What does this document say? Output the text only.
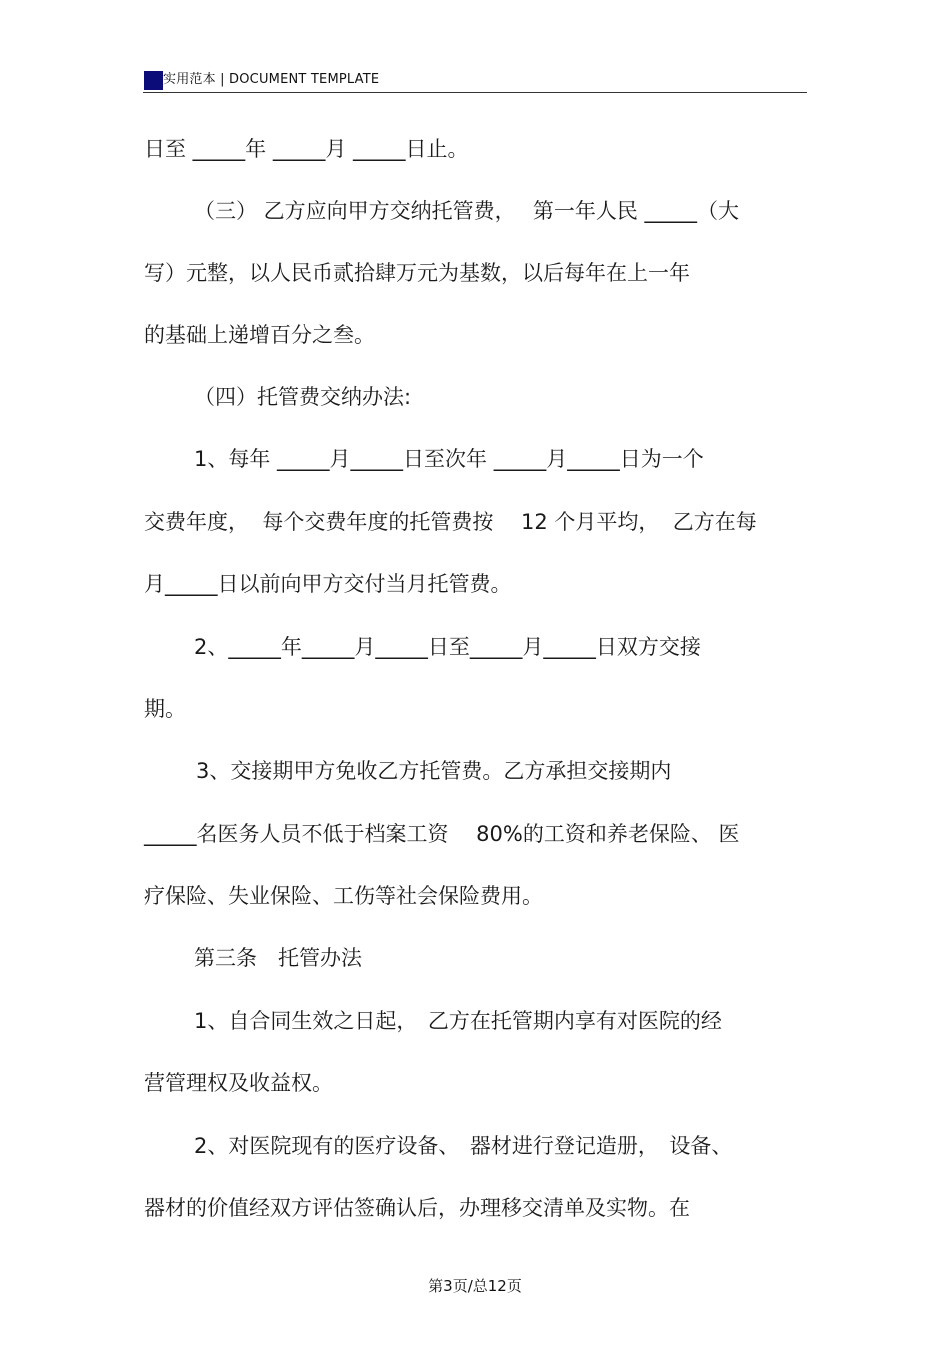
实用范本 | DOCUMENT TEMPLATE
日至 _____年 _____月 _____日止。
（三） 乙方应向甲方交纳托管费，　 第一年人民 _____（大
写）元整，以人民币贰拾肆万元为基数，以后每年在上一年
的基础上递增百分之叁。
（四）托管费交纳办法:
1、每年 _____月_____日至次年 _____月_____日为一个
交费年度，  每个交费年度的托管费按　 12 个月平均，  乙方在每
月_____日以前向甲方交付当月托管费。
2、_____年_____月_____日至_____月_____日双方交接
期。
3、交接期甲方免收乙方托管费。乙方承担交接期内
_____名医务人员不低于档案工资　 80%的工资和养老保险、 医
疗保险、失业保险、工伤等社会保险费用。
第三条　托管办法
1、自合同生效之日起，　乙方在托管期内享有对医院的经
营管理权及收益权。
2、对医院现有的医疗设备、　器材进行登记造册，　设备、
器材的价值经双方评估签确认后，办理移交清单及实物。在
第3页/总12页
